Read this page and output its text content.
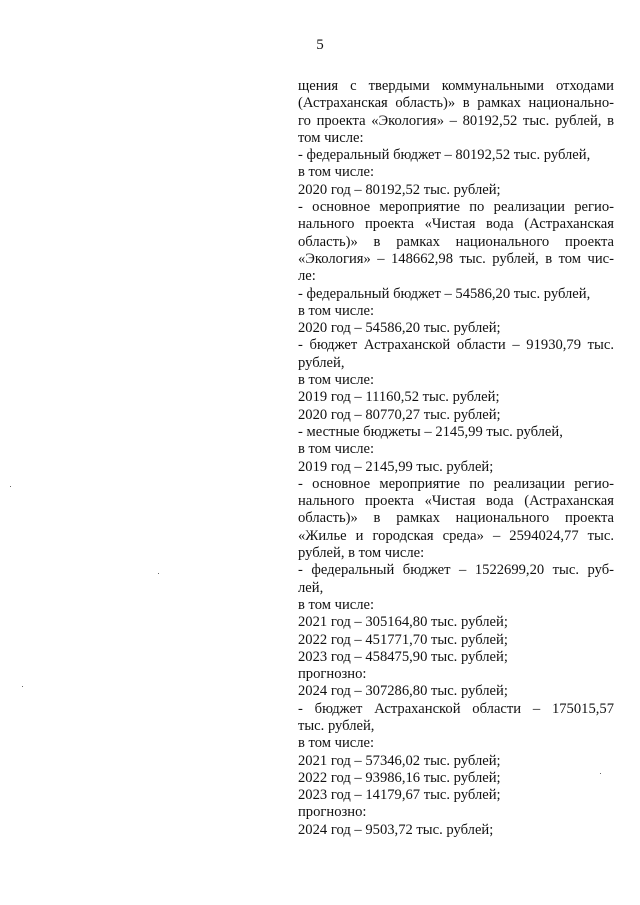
5
щения с твердыми коммунальными отходами
(Астраханская область)» в рамках национально-
го проекта «Экология» – 80192,52 тыс. рублей, в
том числе:
- федеральный бюджет – 80192,52 тыс. рублей,
в том числе:
2020 год – 80192,52 тыс. рублей;
- основное мероприятие по реализации регио-
нального проекта «Чистая вода (Астраханская
область)» в рамках национального проекта
«Экология» – 148662,98 тыс. рублей, в том чис-
ле:
- федеральный бюджет – 54586,20 тыс. рублей,
в том числе:
2020 год – 54586,20 тыс. рублей;
- бюджет Астраханской области – 91930,79 тыс.
рублей,
в том числе:
2019 год – 11160,52 тыс. рублей;
2020 год – 80770,27 тыс. рублей;
- местные бюджеты – 2145,99 тыс. рублей,
в том числе:
2019 год – 2145,99 тыс. рублей;
- основное мероприятие по реализации регио-
нального проекта «Чистая вода (Астраханская
область)» в рамках национального проекта
«Жилье и городская среда» – 2594024,77 тыс.
рублей, в том числе:
- федеральный бюджет – 1522699,20 тыс. руб-
лей,
в том числе:
2021 год – 305164,80 тыс. рублей;
2022 год – 451771,70 тыс. рублей;
2023 год – 458475,90 тыс. рублей;
прогнозно:
2024 год – 307286,80 тыс. рублей;
- бюджет Астраханской области – 175015,57
тыс. рублей,
в том числе:
2021 год – 57346,02 тыс. рублей;
2022 год – 93986,16 тыс. рублей;
2023 год – 14179,67 тыс. рублей;
прогнозно:
2024 год – 9503,72 тыс. рублей;
